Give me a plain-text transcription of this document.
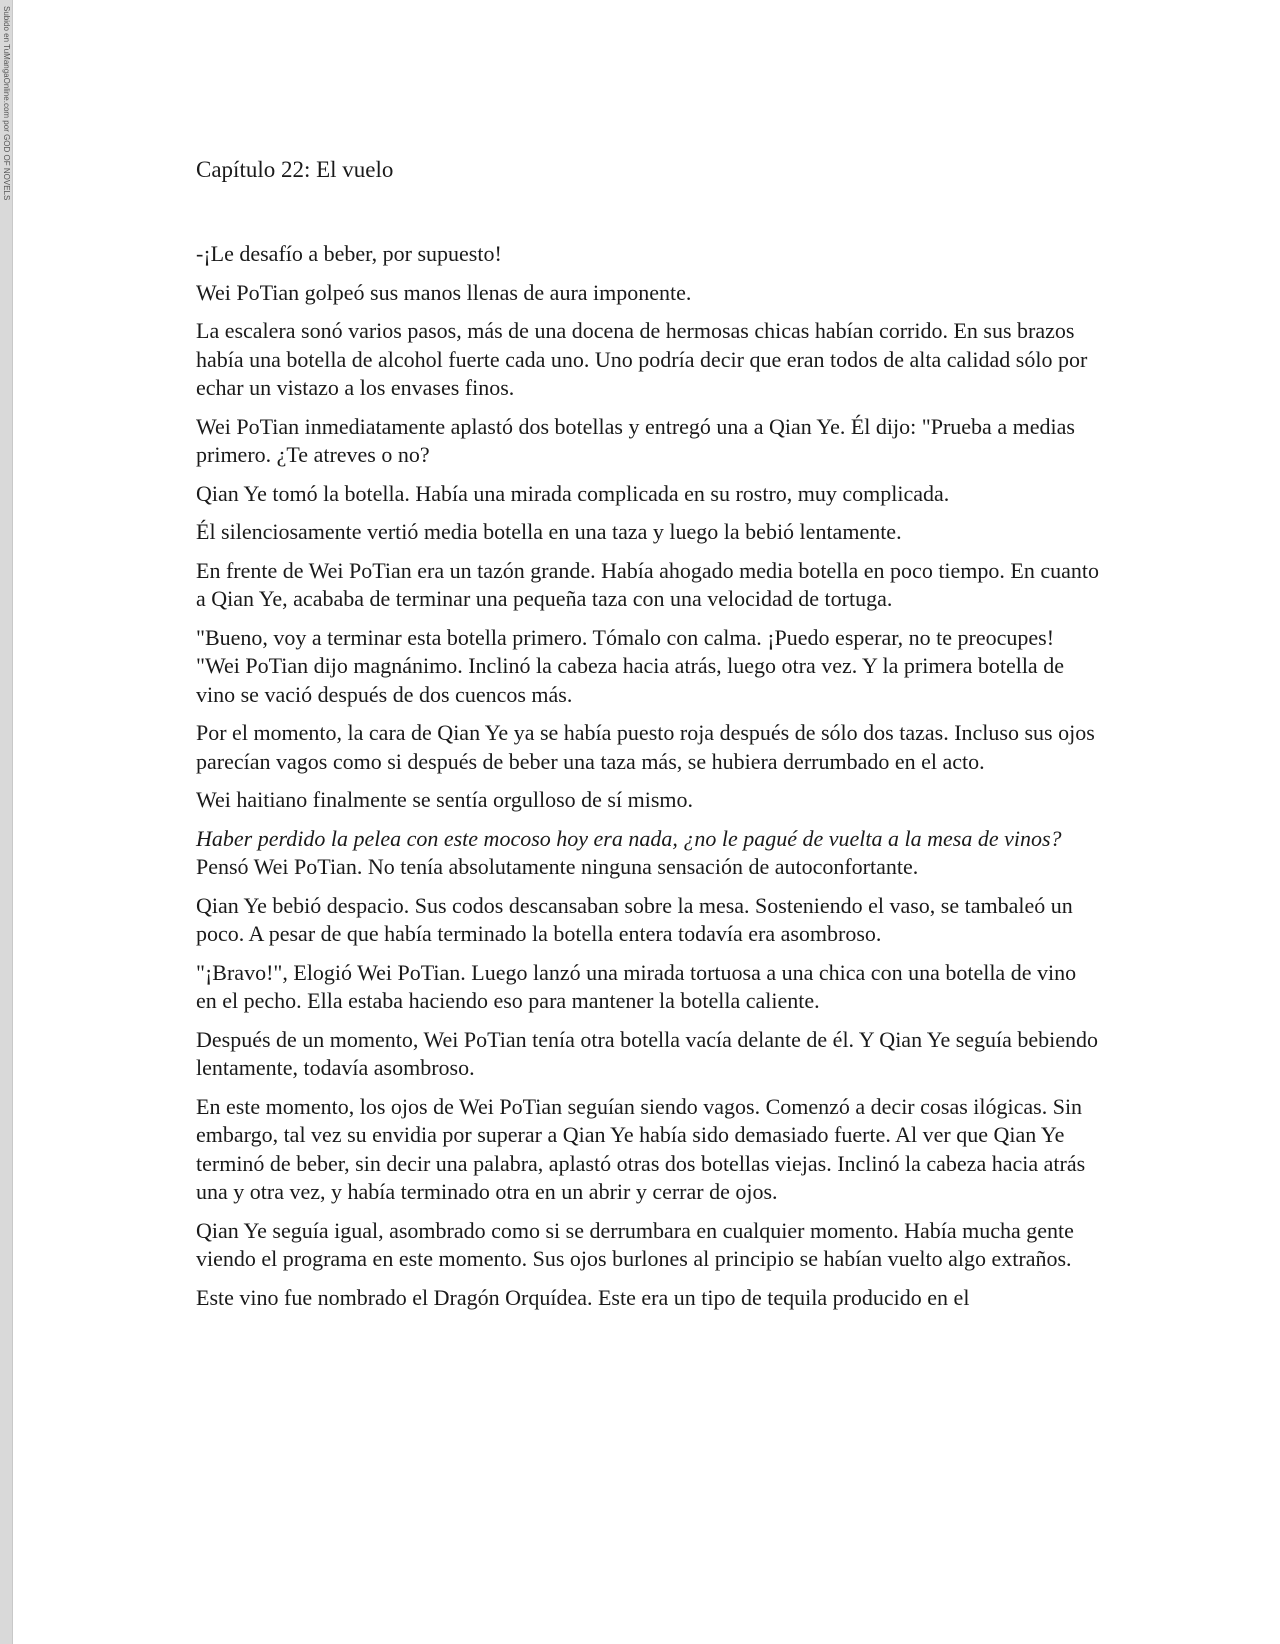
Subido en TuMangaOnline.com por GOD OF NOVELS	Capítulo 22: El vuelo

-¡Le desafío a beber, por supuesto!

Wei PoTian golpeó sus manos llenas de aura imponente.

La escalera sonó varios pasos, más de una docena de hermosas chicas habían corrido. En sus brazos había una botella de alcohol fuerte cada uno. Uno podría decir que eran todos de alta calidad sólo por echar un vistazo a los envases finos.

Wei PoTian inmediatamente aplastó dos botellas y entregó una a Qian Ye. Él dijo: "Prueba a medias primero. ¿Te atreves o no?

Qian Ye tomó la botella. Había una mirada complicada en su rostro, muy complicada.

Él silenciosamente vertió media botella en una taza y luego la bebió lentamente.

En frente de Wei PoTian era un tazón grande. Había ahogado media botella en poco tiempo. En cuanto a Qian Ye, acababa de terminar una pequeña taza con una velocidad de tortuga.

"Bueno, voy a terminar esta botella primero. Tómalo con calma. ¡Puedo esperar, no te preocupes! "Wei PoTian dijo magnánimo. Inclinó la cabeza hacia atrás, luego otra vez. Y la primera botella de vino se vació después de dos cuencos más.

Por el momento, la cara de Qian Ye ya se había puesto roja después de sólo dos tazas. Incluso sus ojos parecían vagos como si después de beber una taza más, se hubiera derrumbado en el acto.

Wei haitiano finalmente se sentía orgulloso de sí mismo.

Haber perdido la pelea con este mocoso hoy era nada, ¿no le pagué de vuelta a la mesa de vinos? Pensó Wei PoTian. No tenía absolutamente ninguna sensación de autoconfortante.

Qian Ye bebió despacio. Sus codos descansaban sobre la mesa. Sosteniendo el vaso, se tambaleó un poco. A pesar de que había terminado la botella entera todavía era asombroso.

"¡Bravo!", Elogió Wei PoTian. Luego lanzó una mirada tortuosa a una chica con una botella de vino en el pecho. Ella estaba haciendo eso para mantener la botella caliente.

Después de un momento, Wei PoTian tenía otra botella vacía delante de él. Y Qian Ye seguía bebiendo lentamente, todavía asombroso.

En este momento, los ojos de Wei PoTian seguían siendo vagos. Comenzó a decir cosas ilógicas. Sin embargo, tal vez su envidia por superar a Qian Ye había sido demasiado fuerte. Al ver que Qian Ye terminó de beber, sin decir una palabra, aplastó otras dos botellas viejas. Inclinó la cabeza hacia atrás una y otra vez, y había terminado otra en un abrir y cerrar de ojos.

Qian Ye seguía igual, asombrado como si se derrumbara en cualquier momento. Había mucha gente viendo el programa en este momento. Sus ojos burlones al principio se habían vuelto algo extraños.

Este vino fue nombrado el Dragón Orquídea. Este era un tipo de tequila producido en el
